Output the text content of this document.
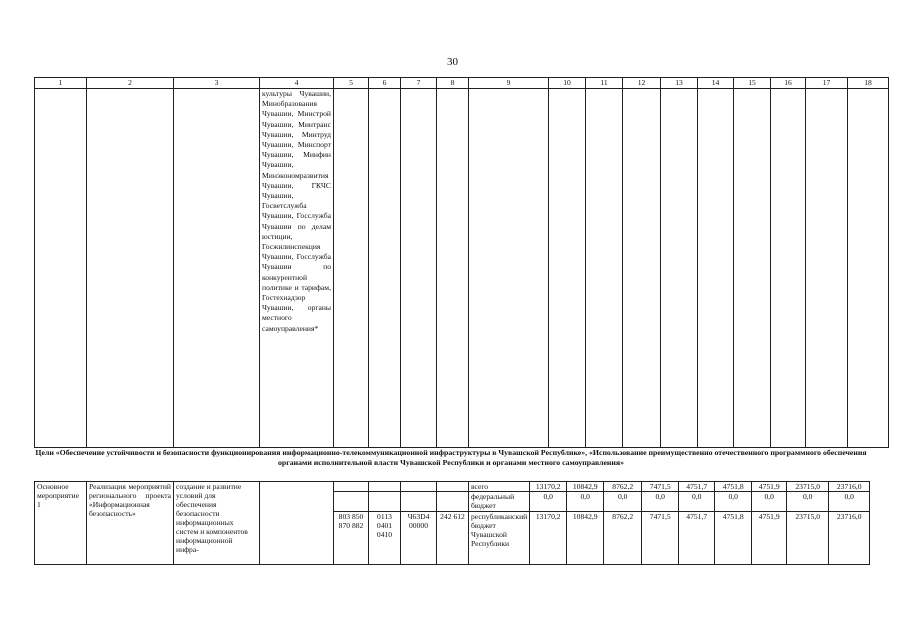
30
1	2	3	4	5	6	7	8	9	10	11	12	13	14	15	16	17	18
			культуры Чувашии, Минобразования Чувашии, Минстрой Чувашии, Минтранс Чувашии, Минтруд Чувашии, Минспорт Чувашии, Минфин Чувашии, Минэкономразвития Чувашии, ГКЧС Чувашии, Госветслужба Чувашии, Госслужба Чувашии по делам юстиции, Госжилинспекция Чувашии, Госслужба Чувашии по конкурентной политике и тарифам, Гостехнадзор Чувашии, органы местного самоуправления*														
Цели «Обеспечение устойчивости и безопасности функционирования информационно-телекоммуникационной инфраструктуры в Чувашской Республике», «Использование преимущественно отечественного программного обеспечения органами исполнительной власти Чувашской Республики и органами местного самоуправления»
Основное мероприятие 1	Реализация мероприятий регионального проекта «Информационная безопасность»	создание и развитие условий для обеспечения безопасности информационных систем и компонентов информационной инфра-						всего	13170,2	10842,9	8762,2	7471,5	4751,7	4751,8	4751,9	23715,0	23716,0
								федеральный бюджет	0,0	0,0	0,0	0,0	0,0	0,0	0,0	0,0	0,0
				803 850 870 882	0113 0401 0410	Ч63D4 00000	242 612	республиканский бюджет Чувашской Республики	13170,2	10842,9	8762,2	7471,5	4751,7	4751,8	4751,9	23715,0	23716,0
